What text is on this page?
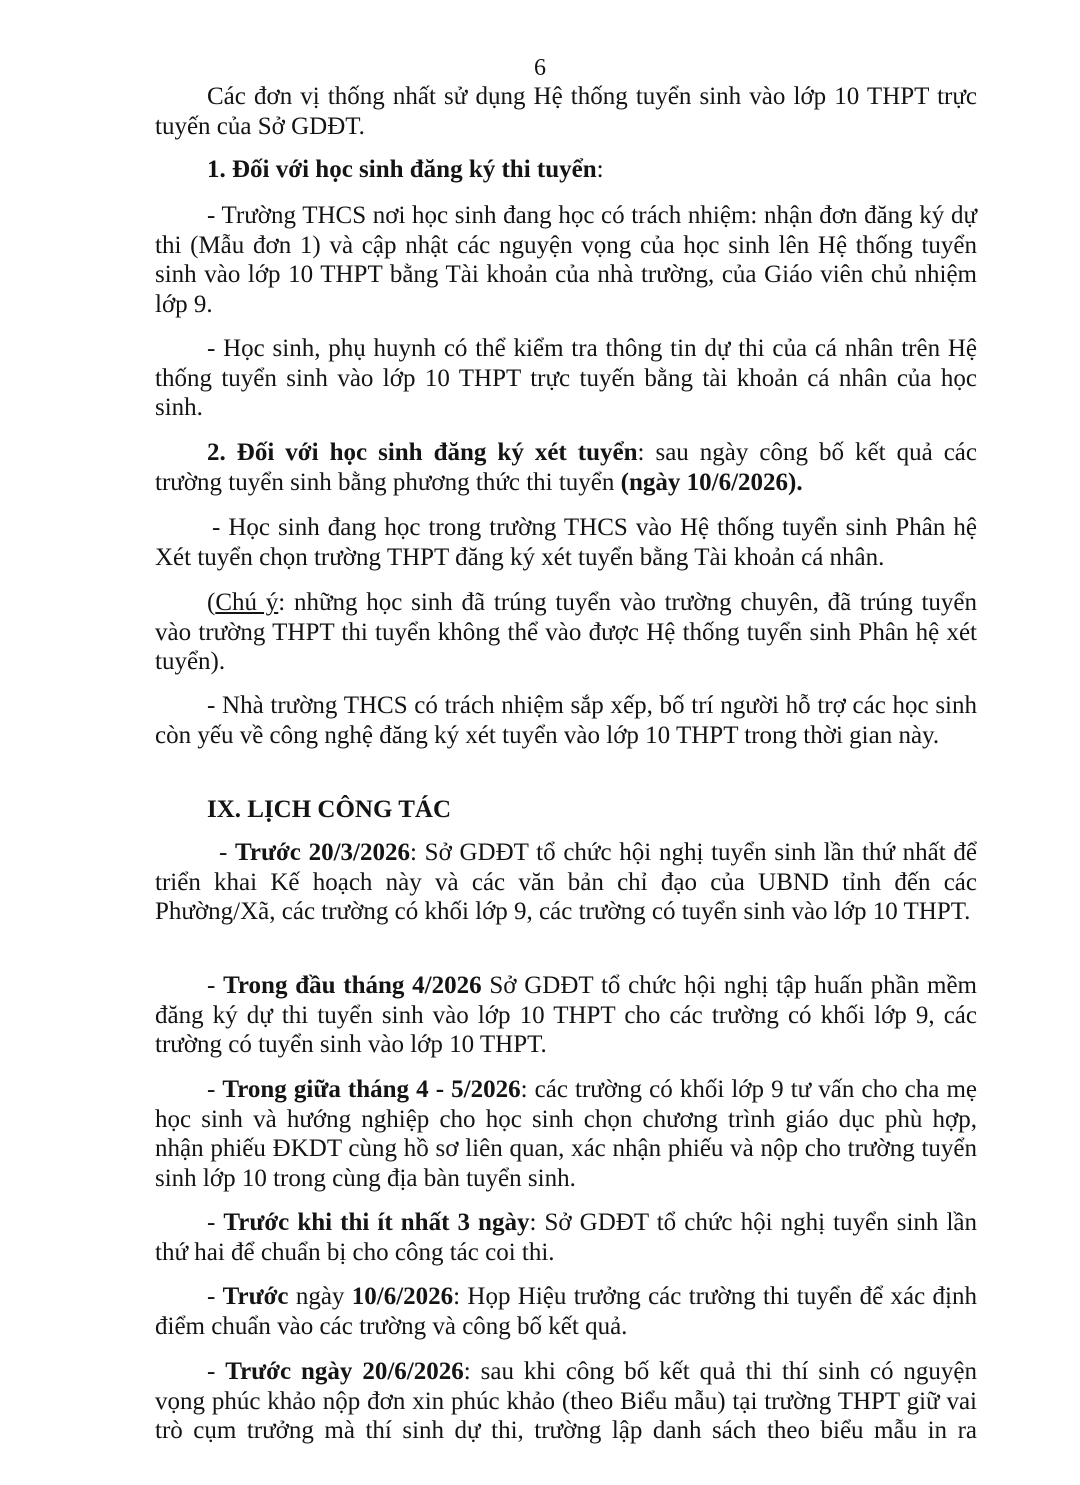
6

Các đơn vị thống nhất sử dụng Hệ thống tuyển sinh vào lớp 10 THPT trực tuyến của Sở GDĐT.

1. Đối với học sinh đăng ký thi tuyển:

- Trường THCS nơi học sinh đang học có trách nhiệm: nhận đơn đăng ký dự thi (Mẫu đơn 1) và cập nhật các nguyện vọng của học sinh lên Hệ thống tuyển sinh vào lớp 10 THPT bằng Tài khoản của nhà trường, của Giáo viên chủ nhiệm lớp 9.

- Học sinh, phụ huynh có thể kiểm tra thông tin dự thi của cá nhân trên Hệ thống tuyển sinh vào lớp 10 THPT trực tuyến bằng tài khoản cá nhân của học sinh.

2. Đối với học sinh đăng ký xét tuyển: sau ngày công bố kết quả các trường tuyển sinh bằng phương thức thi tuyển (ngày 10/6/2026).

- Học sinh đang học trong trường THCS vào Hệ thống tuyển sinh Phân hệ Xét tuyển chọn trường THPT đăng ký xét tuyển bằng Tài khoản cá nhân.

(Chú ý: những học sinh đã trúng tuyển vào trường chuyên, đã trúng tuyển vào trường THPT thi tuyển không thể vào được Hệ thống tuyển sinh Phân hệ xét tuyển).

- Nhà trường THCS có trách nhiệm sắp xếp, bố trí người hỗ trợ các học sinh còn yếu về công nghệ đăng ký xét tuyển vào lớp 10 THPT trong thời gian này.

IX. LỊCH CÔNG TÁC

- Trước 20/3/2026: Sở GDĐT tổ chức hội nghị tuyển sinh lần thứ nhất để triển khai Kế hoạch này và các văn bản chỉ đạo của UBND tỉnh đến các Phường/Xã, các trường có khối lớp 9, các trường có tuyển sinh vào lớp 10 THPT.

- Trong đầu tháng 4/2026 Sở GDĐT tổ chức hội nghị tập huấn phần mềm đăng ký dự thi tuyển sinh vào lớp 10 THPT cho các trường có khối lớp 9, các trường có tuyển sinh vào lớp 10 THPT.

- Trong giữa tháng 4 - 5/2026: các trường có khối lớp 9 tư vấn cho cha mẹ học sinh và hướng nghiệp cho học sinh chọn chương trình giáo dục phù hợp, nhận phiếu ĐKDT cùng hồ sơ liên quan, xác nhận phiếu và nộp cho trường tuyển sinh lớp 10 trong cùng địa bàn tuyển sinh.

- Trước khi thi ít nhất 3 ngày: Sở GDĐT tổ chức hội nghị tuyển sinh lần thứ hai để chuẩn bị cho công tác coi thi.

- Trước ngày 10/6/2026: Họp Hiệu trưởng các trường thi tuyển để xác định điểm chuẩn vào các trường và công bố kết quả.

- Trước ngày 20/6/2026: sau khi công bố kết quả thi thí sinh có nguyện vọng phúc khảo nộp đơn xin phúc khảo (theo Biểu mẫu) tại trường THPT giữ vai trò cụm trưởng mà thí sinh dự thi, trường lập danh sách theo biểu mẫu in ra
